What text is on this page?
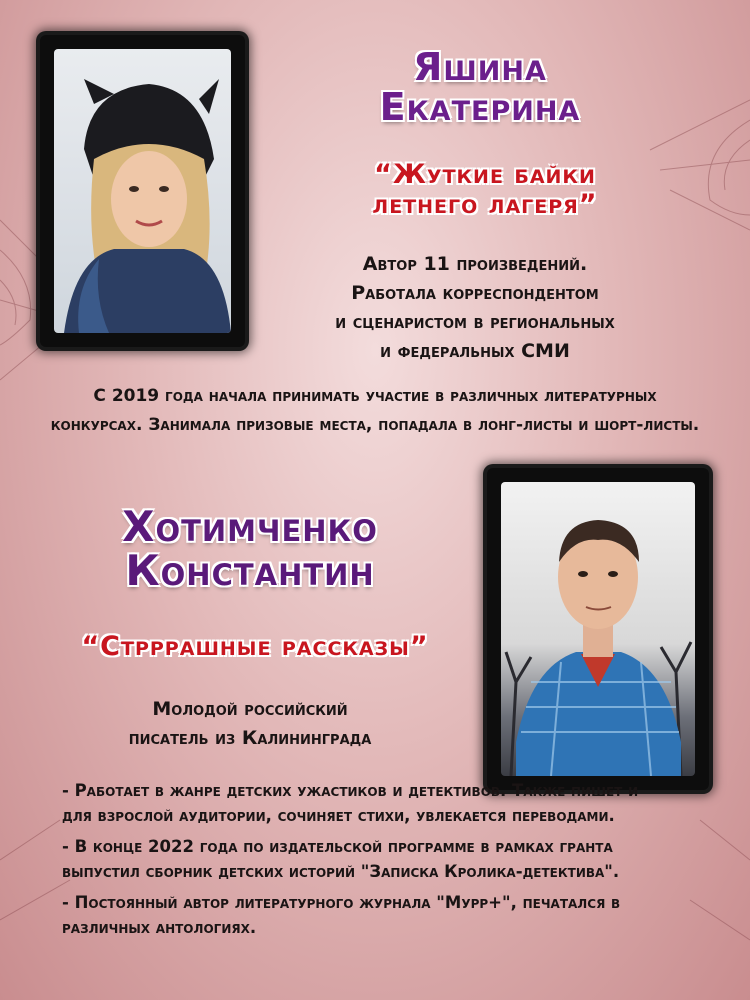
Яшина
Екатерина
“Жуткие байки
летнего лагеря”
Автор 11 произведений.
Работала корреспондентом
и сценаристом в региональных
и федеральных СМИ
С 2019 года начала принимать участие в различных литературных
конкурсах. Занимала призовые места, попадала в лонг-листы и шорт-листы.
Хотимченко
Константин
“Стрррашные рассказы”
Молодой российский
писатель из Калининграда
- Работает в жанре детских ужастиков и детективов. Также пишет и
для взрослой аудитории, сочиняет стихи, увлекается переводами.
- В конце 2022 года по издательской программе в рамках гранта
выпустил сборник детских историй "Записка Кролика-детектива".
- Постоянный автор литературного журнала "Мурр+", печатался в
различных антологиях.
